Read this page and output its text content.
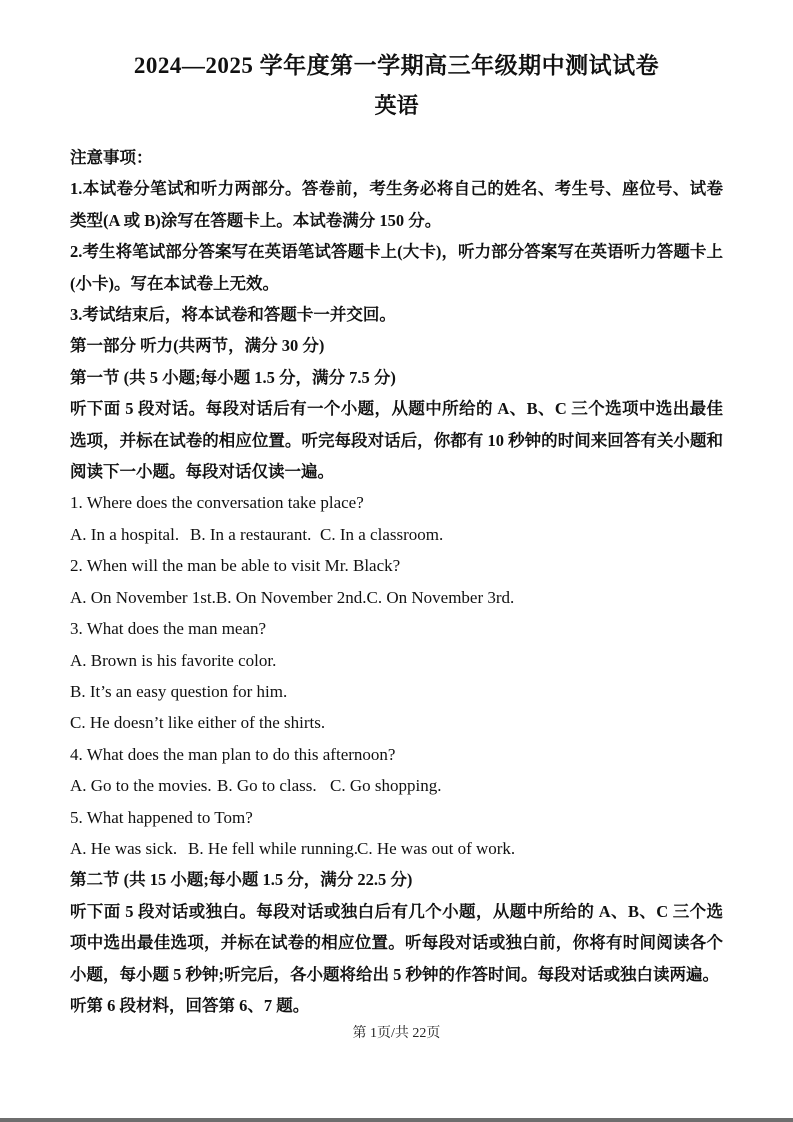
2024—2025 学年度第一学期高三年级期中测试试卷
英语

注意事项：

1.本试卷分笔试和听力两部分。答卷前，考生务必将自己的姓名、考生号、座位号、试卷类型(A 或 B)涂写在答题卡上。本试卷满分 150 分。

2.考生将笔试部分答案写在英语笔试答题卡上(大卡)，听力部分答案写在英语听力答题卡上(小卡)。写在本试卷上无效。

3.考试结束后，将本试卷和答题卡一并交回。

第一部分 听力(共两节，满分 30 分)

第一节 (共 5 小题;每小题 1.5 分，满分 7.5 分)

听下面 5 段对话。每段对话后有一个小题，从题中所给的 A、B、C 三个选项中选出最佳选项，并标在试卷的相应位置。听完每段对话后，你都有 10 秒钟的时间来回答有关小题和阅读下一小题。每段对话仅读一遍。

1. Where does the conversation take place?

A. In a hospital. B. In a restaurant. C. In a classroom.

2. When will the man be able to visit Mr. Black?

A. On November 1st.B. On November 2nd.C. On November 3rd.

3. What does the man mean?

A. Brown is his favorite color.

B. It’s an easy question for him.

C. He doesn’t like either of the shirts.

4. What does the man plan to do this afternoon?

A. Go to the movies. B. Go to class. C. Go shopping.

5. What happened to Tom?

A. He was sick. B. He fell while running. C. He was out of work.

第二节 (共 15 小题;每小题 1.5 分，满分 22.5 分)

听下面 5 段对话或独白。每段对话或独白后有几个小题，从题中所给的 A、B、C 三个选项中选出最佳选项，并标在试卷的相应位置。听每段对话或独白前，你将有时间阅读各个小题，每小题 5 秒钟;听完后，各小题将给出 5 秒钟的作答时间。每段对话或独白读两遍。

听第 6 段材料，回答第 6、7 题。

第 1页/共 22页
